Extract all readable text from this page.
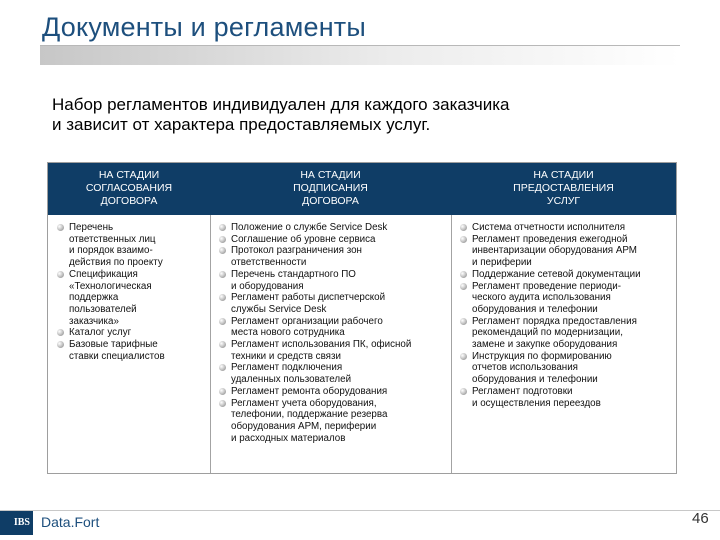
Документы и регламенты
Набор регламентов индивидуален для каждого заказчика
и зависит от характера предоставляемых услуг.
НА СТАДИИ
СОГЛАСОВАНИЯ
ДОГОВОРА
НА СТАДИИ
ПОДПИСАНИЯ
ДОГОВОРА
НА СТАДИИ
ПРЕДОСТАВЛЕНИЯ
УСЛУГ
Перечень
ответственных лиц
и порядок взаимо-
действия по проекту
Спецификация
«Технологическая
поддержка
пользователей
заказчика»
Каталог услуг
Базовые тарифные
ставки специалистов
Положение о службе Service Desk
Соглашение об уровне сервиса
Протокол разграничения зон
ответственности
Перечень стандартного ПО
и оборудования
Регламент работы диспетчерской
службы Service Desk
Регламент организации рабочего
места нового сотрудника
Регламент использования ПК, офисной
техники и средств связи
Регламент подключения
удаленных пользователей
Регламент ремонта оборудования
Регламент учета оборудования,
телефонии, поддержание резерва
оборудования АРМ, периферии
и расходных материалов
Система отчетности исполнителя
Регламент проведения ежегодной
инвентаризации оборудования АРМ
и периферии
Поддержание сетевой документации
Регламент проведение периоди-
ческого аудита использования
оборудования и телефонии
Регламент порядка предоставления
рекомендаций по модернизации,
замене и закупке оборудования
Инструкция по формированию
отчетов использования
оборудования и телефонии
Регламент подготовки
и осуществления переездов
IBS Data.Fort	46
